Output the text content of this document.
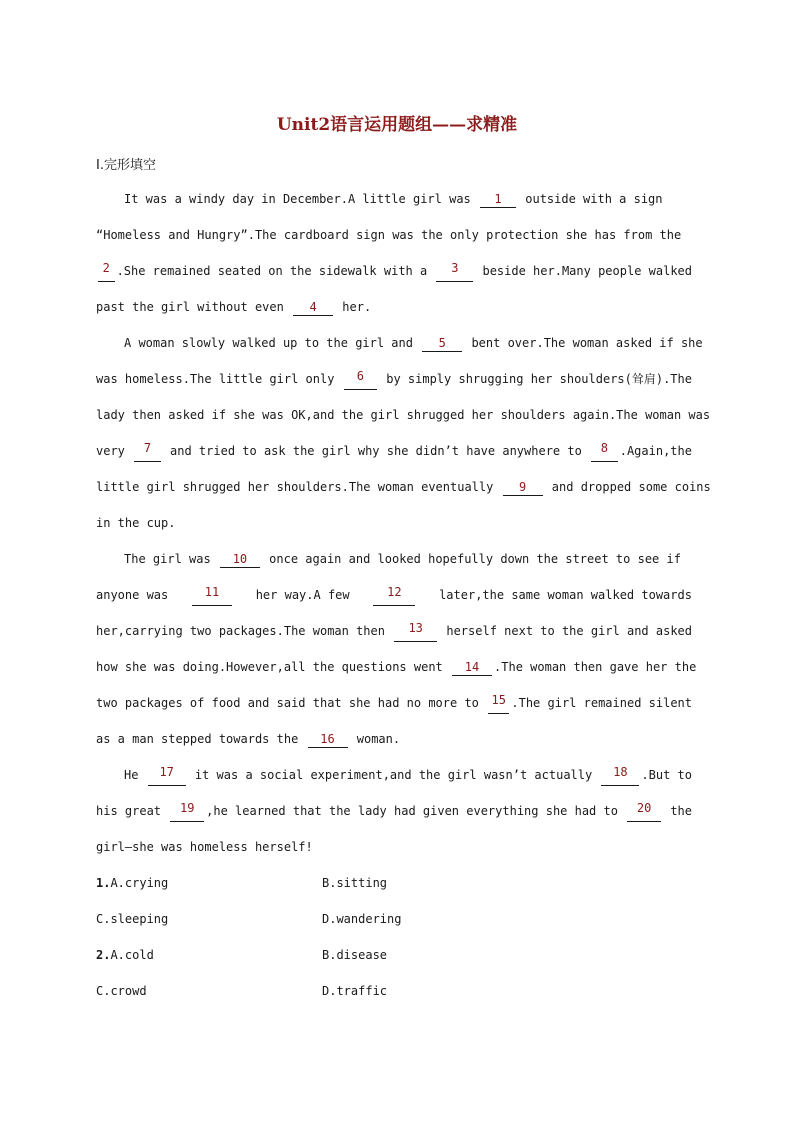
Unit2语言运用题组——求精准
Ⅰ.完形填空
It was a windy day in December.A little girl was 1 outside with a sign
“Homeless and Hungry”.The cardboard sign was the only protection she has from the
2 .She remained seated on the sidewalk with a	3	beside her.Many people walked
past the girl without even 4 her.
A woman slowly walked up to the girl and 5 bent over.The woman asked if she
was homeless.The little girl only	6	by simply shrugging her shoulders(耸肩).The
lady then asked if she was OK,and the girl shrugged her shoulders again.The woman was
very 7 and tried to ask the girl why she didn’t have anywhere to 8 .Again,the
little girl shrugged her shoulders.The woman eventually 9 and dropped some coins
in the cup.
The girl was 10 once again and looked hopefully down the street to see if
anyone was	11	her way.A few	12	later,the same woman walked towards
her,carrying two packages.The woman then	13	herself next to the girl and asked
how she was doing.However,all the questions went 14 .The woman then gave her the
two packages of food and said that she had no more to 15 .The girl remained silent
as a man stepped towards the 16 woman.
He	17	it was a social experiment,and the girl wasn’t actually	18	.But to
his great 19 ,he learned that the lady had given everything she had to 20 the
girl—she was homeless herself!
1.A.crying	B.sitting
C.sleeping	D.wandering
2.A.cold	B.disease
C.crowd	D.traffic
